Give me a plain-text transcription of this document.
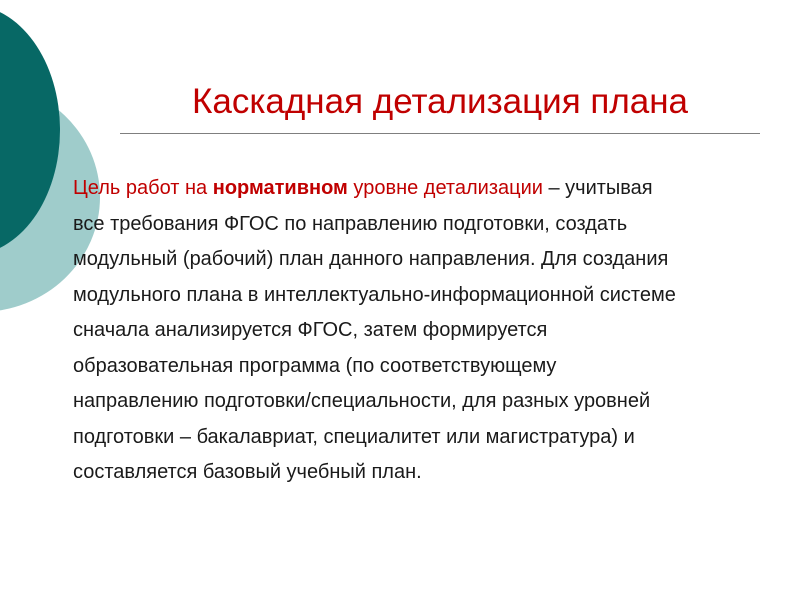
Каскадная детализация плана

Цель работ на нормативном уровне детализации – учитывая
все требования ФГОС по направлению подготовки, создать
модульный (рабочий) план данного направления. Для создания
модульного плана в интеллектуально-информационной системе
сначала анализируется ФГОС, затем формируется
образовательная программа (по соответствующему
направлению подготовки/специальности, для разных уровней
подготовки – бакалавриат, специалитет или магистратура) и
составляется базовый учебный план.
